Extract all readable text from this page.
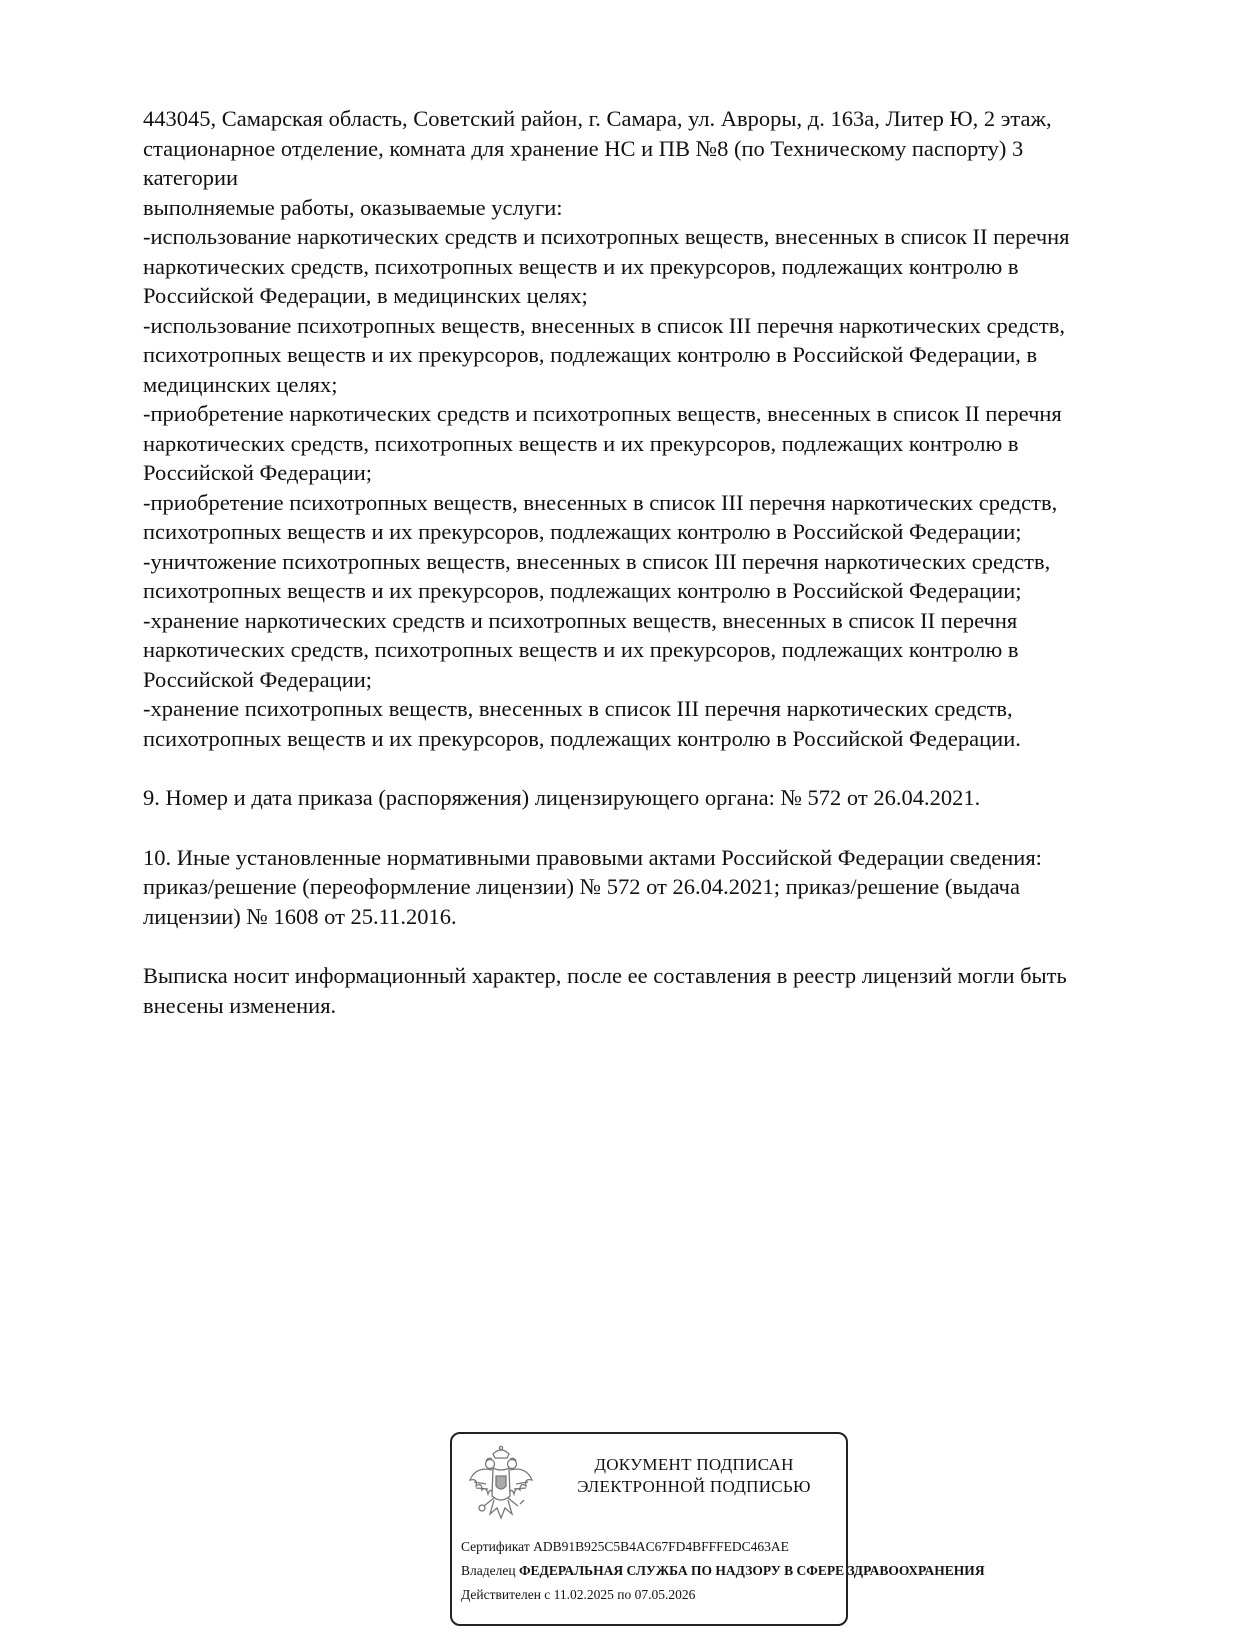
443045, Самарская область, Советский район, г. Самара, ул. Авроры, д. 163а, Литер Ю, 2 этаж,

стационарное отделение, комната для хранение НС и ПВ №8 (по Техническому паспорту) 3

категории

выполняемые работы, оказываемые услуги:

-использование наркотических средств и психотропных веществ, внесенных в список II перечня

наркотических средств, психотропных веществ и их прекурсоров, подлежащих контролю в

Российской Федерации, в медицинских целях;

-использование психотропных веществ, внесенных в список III перечня наркотических средств,

психотропных веществ и их прекурсоров, подлежащих контролю в Российской Федерации, в

медицинских целях;

-приобретение наркотических средств и психотропных веществ, внесенных в список II перечня

наркотических средств, психотропных веществ и их прекурсоров, подлежащих контролю в

Российской Федерации;

-приобретение психотропных веществ, внесенных в список III перечня наркотических средств,

психотропных веществ и их прекурсоров, подлежащих контролю в Российской Федерации;

-уничтожение психотропных веществ, внесенных в список III перечня наркотических средств,

психотропных веществ и их прекурсоров, подлежащих контролю в Российской Федерации;

-хранение наркотических средств и психотропных веществ, внесенных в список II перечня

наркотических средств, психотропных веществ и их прекурсоров, подлежащих контролю в

Российской Федерации;

-хранение психотропных веществ, внесенных в список III перечня наркотических средств,

психотропных веществ и их прекурсоров, подлежащих контролю в Российской Федерации.

9. Номер и дата приказа (распоряжения) лицензирующего органа: № 572 от 26.04.2021.

10. Иные установленные нормативными правовыми актами Российской Федерации сведения:

приказ/решение (переоформление лицензии) № 572 от 26.04.2021; приказ/решение (выдача

лицензии) № 1608 от 25.11.2016.

Выписка носит информационный характер, после ее составления в реестр лицензий могли быть

внесены изменения.

ДОКУМЕНТ ПОДПИСАН
ЭЛЕКТРОННОЙ ПОДПИСЬЮ
Сертификат ADB91B925C5B4AC67FD4BFFFEDC463AE
Владелец ФЕДЕРАЛЬНАЯ СЛУЖБА ПО НАДЗОРУ В СФЕРЕ ЗДРАВООХРАНЕНИЯ
Действителен с 11.02.2025 по 07.05.2026
